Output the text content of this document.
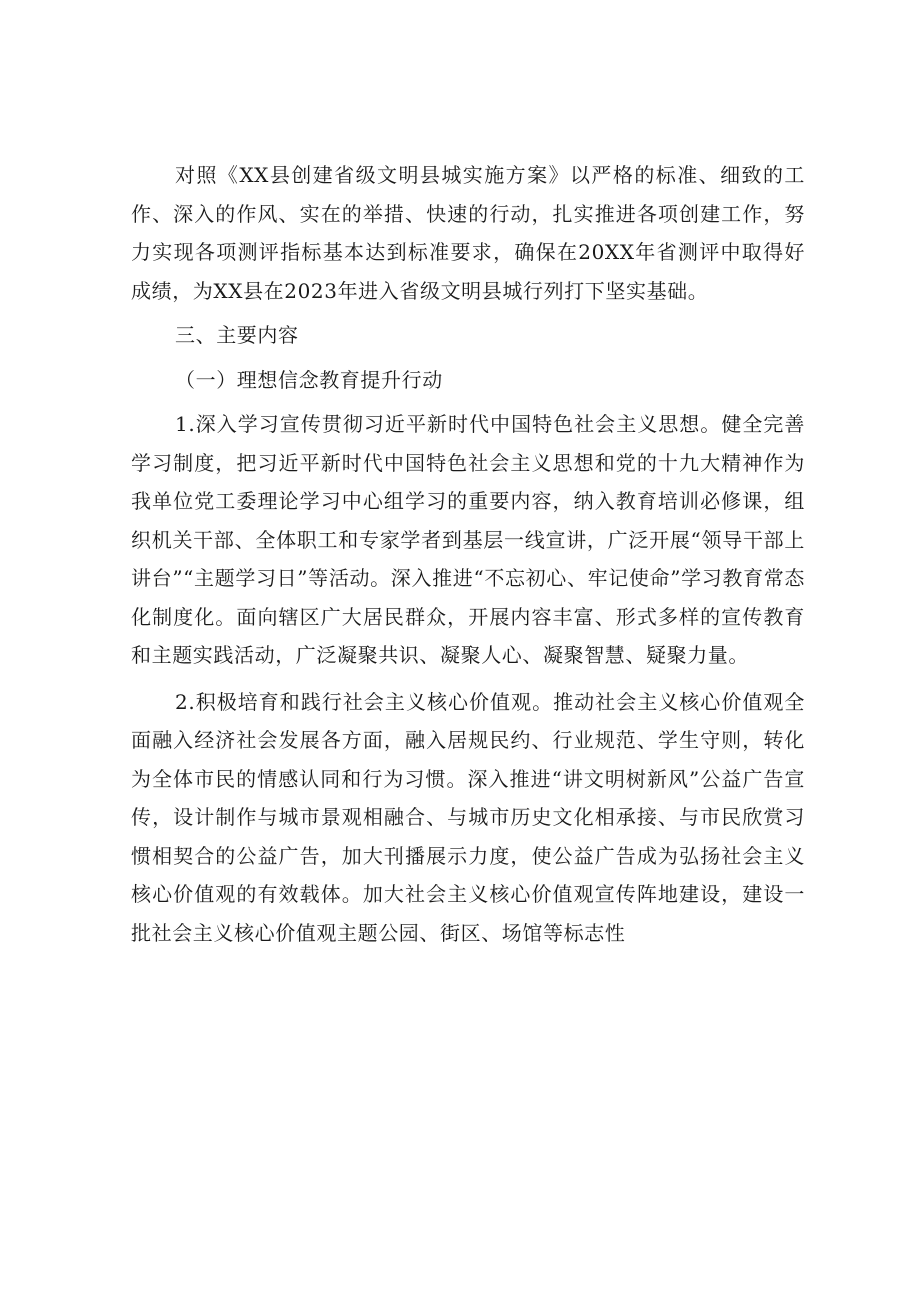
对照《XX县创建省级文明县城实施方案》以严格的标准、细致的工作、深入的作风、实在的举措、快速的行动，扎实推进各项创建工作，努力实现各项测评指标基本达到标准要求，确保在20XX年省测评中取得好成绩，为XX县在2023年进入省级文明县城行列打下坚实基础。

三、主要内容

（一）理想信念教育提升行动

1.深入学习宣传贯彻习近平新时代中国特色社会主义思想。健全完善学习制度，把习近平新时代中国特色社会主义思想和党的十九大精神作为我单位党工委理论学习中心组学习的重要内容，纳入教育培训必修课，组织机关干部、全体职工和专家学者到基层一线宣讲，广泛开展“领导干部上讲台”“主题学习日”等活动。深入推进“不忘初心、牢记使命”学习教育常态化制度化。面向辖区广大居民群众，开展内容丰富、形式多样的宣传教育和主题实践活动，广泛凝聚共识、凝聚人心、凝聚智慧、疑聚力量。

2.积极培育和践行社会主义核心价值观。推动社会主义核心价值观全面融入经济社会发展各方面，融入居规民约、行业规范、学生守则，转化为全体市民的情感认同和行为习惯。深入推进“讲文明树新风”公益广告宣传，设计制作与城市景观相融合、与城市历史文化相承接、与市民欣赏习惯相契合的公益广告，加大刊播展示力度，使公益广告成为弘扬社会主义核心价值观的有效载体。加大社会主义核心价值观宣传阵地建设，建设一批社会主义核心价值观主题公园、街区、场馆等标志性
